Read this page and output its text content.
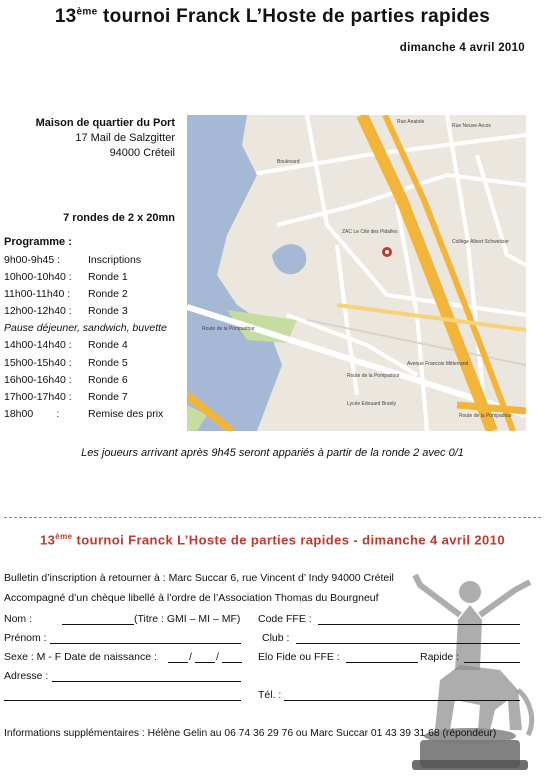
13ème tournoi Franck L’Hoste de parties rapides
dimanche 4 avril 2010
Maison de quartier du Port
17 Mail de Salzgitter
94000 Créteil
7 rondes de 2 x 20mn
Programme :
9h00-9h45 :	Inscriptions
10h00-10h40 : Ronde 1
11h00-11h40 : Ronde 2
12h00-12h40 : Ronde 3
Pause déjeuner, sandwich, buvette
14h00-14h40 : Ronde 4
15h00-15h40 : Ronde 5
16h00-16h40 : Ronde 6
17h00-17h40 : Ronde 7
18h00        :	Remise des prix
Rue Neuve Arcos
Rue Anatole
Boulevard
ZAC Le Cité des Pidalles
Avenue Francois Mitterrand
Route de la Pompadour
Route de la Pompadour
Collège Albert Schweitzer
Lycée Edouard Branly
Route de la Pompadour
Les joueurs arrivant après 9h45 seront appariés à partir de la ronde 2 avec 0/1
13ème tournoi Franck L’Hoste de parties rapides - dimanche 4 avril 2010
Bulletin d’inscription à retourner à : Marc Succar 6, rue Vincent d’ Indy 94000 Créteil
Accompagné d’un chèque libellé à l’ordre de l’Association Thomas du Bourgneuf
Nom :	(Titre : GMI – MI – MF) Code FFE :
Prénom :	Club :
Sexe : M - F Date de naissance :	/ /	Elo Fide ou FFE :	Rapide :
Adresse :
Tél. :
Informations supplémentaires : Hélène Gelin au 06 74 36 29 76 ou Marc Succar 01 43 39 31 68 (répondeur)
